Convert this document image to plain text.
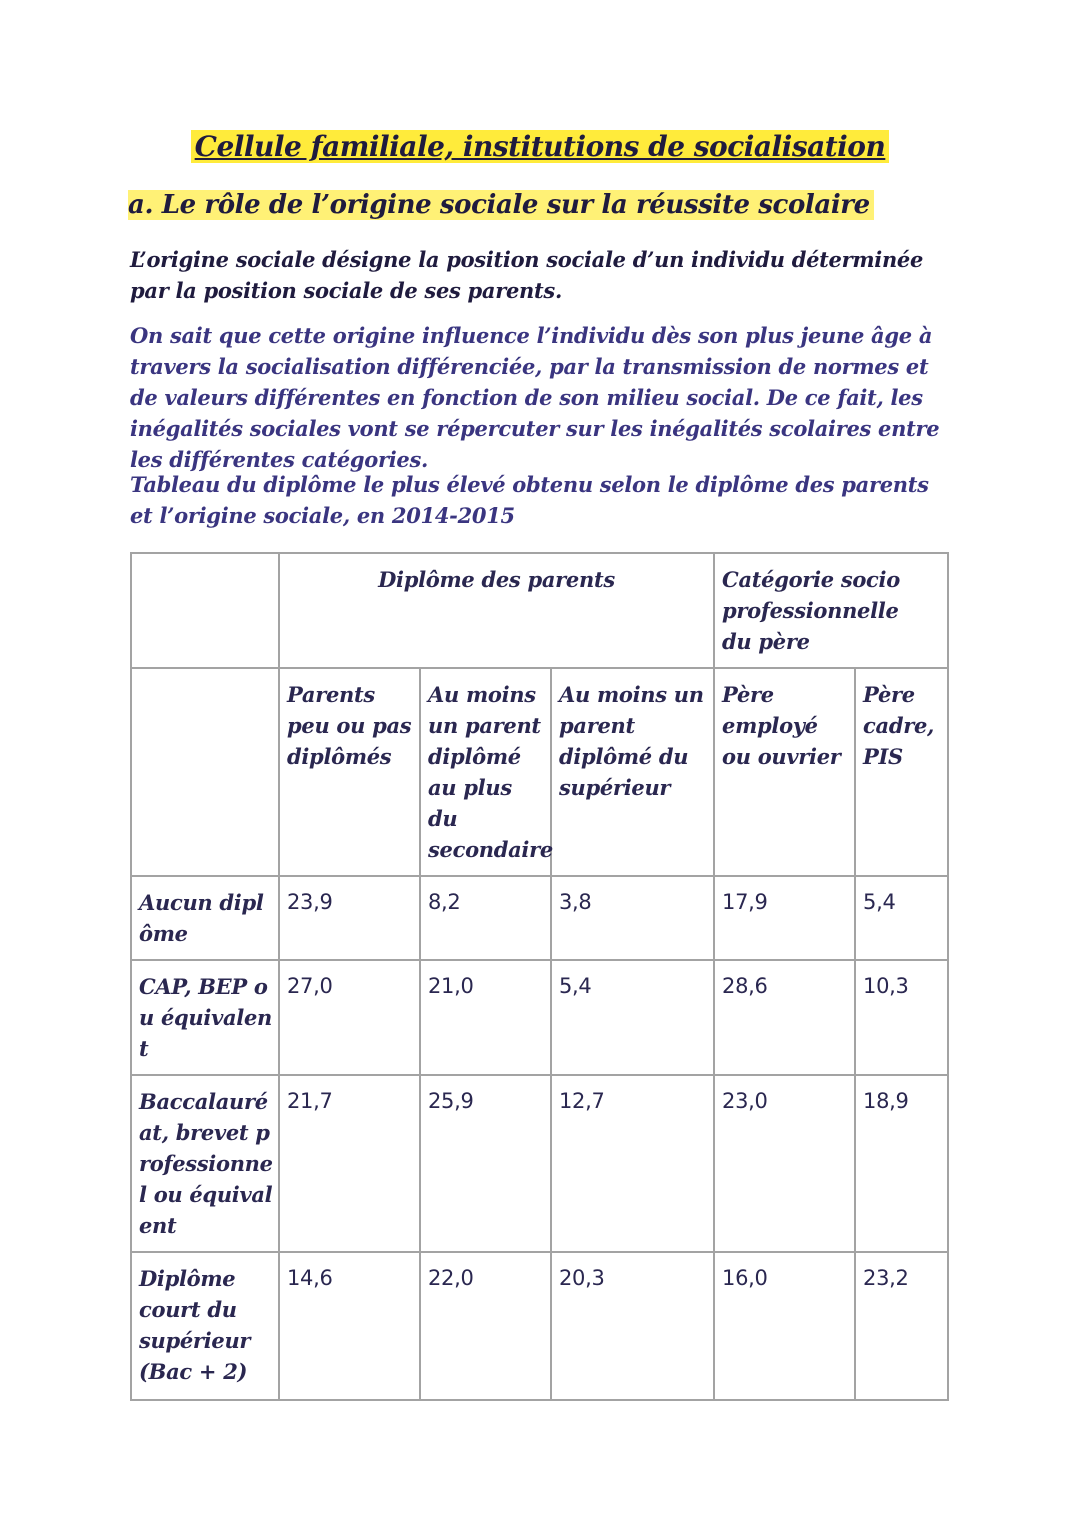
Cellule familiale, institutions de socialisation
a. Le rôle de l’origine sociale sur la réussite scolaire
L’origine sociale désigne la position sociale d’un individu déterminée par la position sociale de ses parents.
On sait que cette origine influence l’individu dès son plus jeune âge à travers la socialisation différenciée, par la transmission de normes et de valeurs différentes en fonction de son milieu social. De ce fait, les inégalités sociales vont se répercuter sur les inégalités scolaires entre les différentes catégories.
Tableau du diplôme le plus élevé obtenu selon le diplôme des parents et l’origine sociale, en 2014-2015
	Diplôme des parents			Catégorie socio professionnelle du père	

	Parents peu ou pas diplômés	Au moins un parent diplômé au plus du secondaire	Au moins un parent diplômé du supérieur	Père employé ou ouvrier	Père cadre, PIS
Aucun diplôme	23,9	8,2	3,8	17,9	5,4
CAP, BEP ou équivalent	27,0	21,0	5,4	28,6	10,3
Baccalauréat, brevet professionnel ou équivalent	21,7	25,9	12,7	23,0	18,9
Diplôme court du supérieur (Bac + 2)	14,6	22,0	20,3	16,0	23,2
